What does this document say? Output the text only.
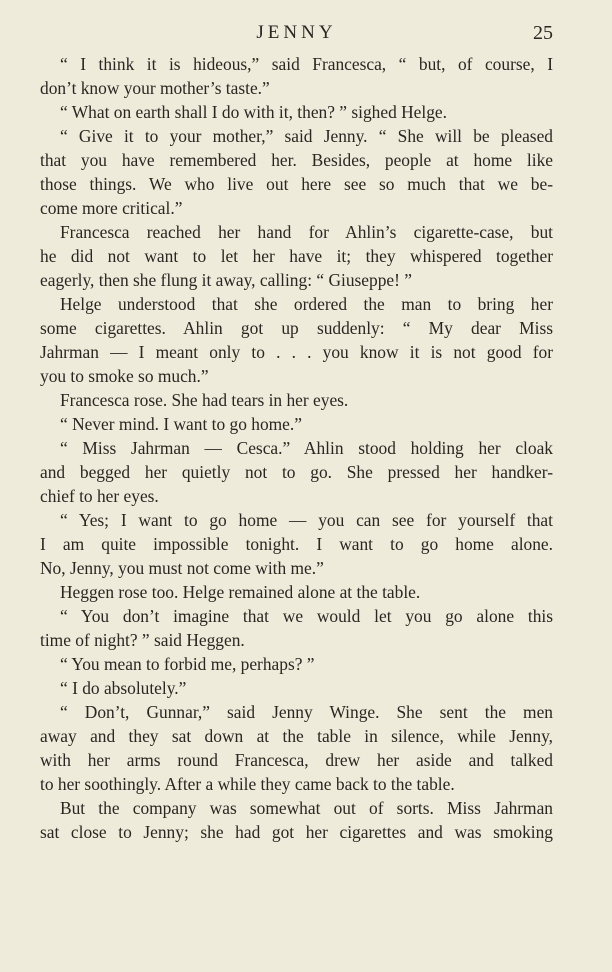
JENNY	25
“ I think it is hideous,” said Francesca, “ but, of course, I
don’t know your mother’s taste.”
“ What on earth shall I do with it, then? ” sighed Helge.
“ Give it to your mother,” said Jenny. “ She will be pleased
that you have remembered her. Besides, people at home like
those things. We who live out here see so much that we be-
come more critical.”
Francesca reached her hand for Ahlin’s cigarette-case, but
he did not want to let her have it; they whispered together
eagerly, then she flung it away, calling: “ Giuseppe! ”
Helge understood that she ordered the man to bring her
some cigarettes. Ahlin got up suddenly: “ My dear Miss
Jahrman — I meant only to . . . you know it is not good for
you to smoke so much.”
Francesca rose. She had tears in her eyes.
“ Never mind. I want to go home.”
“ Miss Jahrman — Cesca.” Ahlin stood holding her cloak
and begged her quietly not to go. She pressed her handker-
chief to her eyes.
“ Yes; I want to go home — you can see for yourself that
I am quite impossible tonight. I want to go home alone.
No, Jenny, you must not come with me.”
Heggen rose too. Helge remained alone at the table.
“ You don’t imagine that we would let you go alone this
time of night? ” said Heggen.
“ You mean to forbid me, perhaps? ”
“ I do absolutely.”
“ Don’t, Gunnar,” said Jenny Winge. She sent the men
away and they sat down at the table in silence, while Jenny,
with her arms round Francesca, drew her aside and talked
to her soothingly. After a while they came back to the table.
But the company was somewhat out of sorts. Miss Jahrman
sat close to Jenny; she had got her cigarettes and was smoking
